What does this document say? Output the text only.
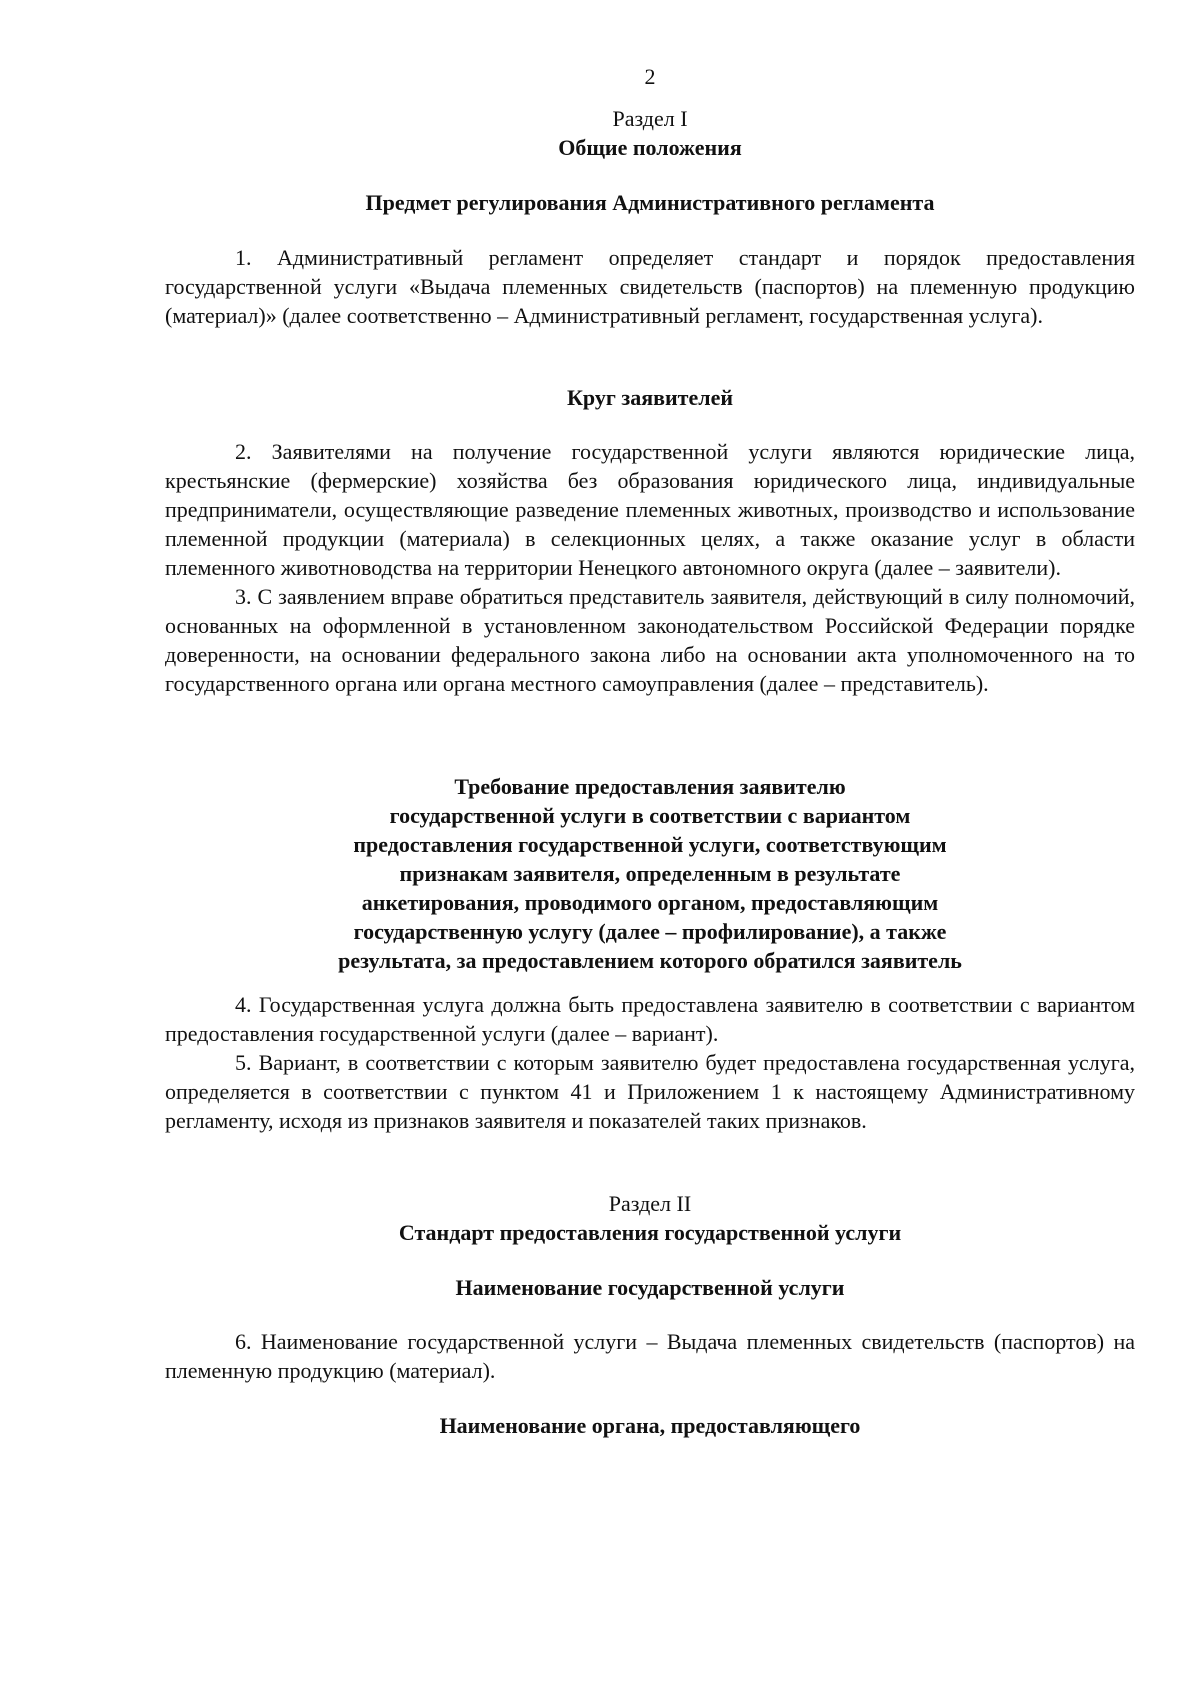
2
Раздел I
Общие положения
Предмет регулирования Административного регламента

1. Административный регламент определяет стандарт и порядок предоставления государственной услуги «Выдача племенных свидетельств (паспортов) на племенную продукцию (материал)» (далее соответственно – Административный регламент, государственная услуга).

Круг заявителей

2. Заявителями на получение государственной услуги являются юридические лица, крестьянские (фермерские) хозяйства без образования юридического лица, индивидуальные предприниматели, осуществляющие разведение племенных животных, производство и использование племенной продукции (материала) в селекционных целях, а также оказание услуг в области племенного животноводства на территории Ненецкого автономного округа (далее – заявители).

3. С заявлением вправе обратиться представитель заявителя, действующий в силу полномочий, основанных на оформленной в установленном законодательством Российской Федерации порядке доверенности, на основании федерального закона либо на основании акта уполномоченного на то государственного органа или органа местного самоуправления (далее – представитель).

Требование предоставления заявителю
государственной услуги в соответствии с вариантом
предоставления государственной услуги, соответствующим
признакам заявителя, определенным в результате
анкетирования, проводимого органом, предоставляющим
государственную услугу (далее – профилирование), а также
результата, за предоставлением которого обратился заявитель

4. Государственная услуга должна быть предоставлена заявителю в соответствии с вариантом предоставления государственной услуги (далее – вариант).

5. Вариант, в соответствии с которым заявителю будет предоставлена государственная услуга, определяется в соответствии с пунктом 41 и Приложением 1 к настоящему Административному регламенту, исходя из признаков заявителя и показателей таких признаков.

Раздел II
Стандарт предоставления государственной услуги
Наименование государственной услуги

6. Наименование государственной услуги – Выдача племенных свидетельств (паспортов) на племенную продукцию (материал).

Наименование органа, предоставляющего
